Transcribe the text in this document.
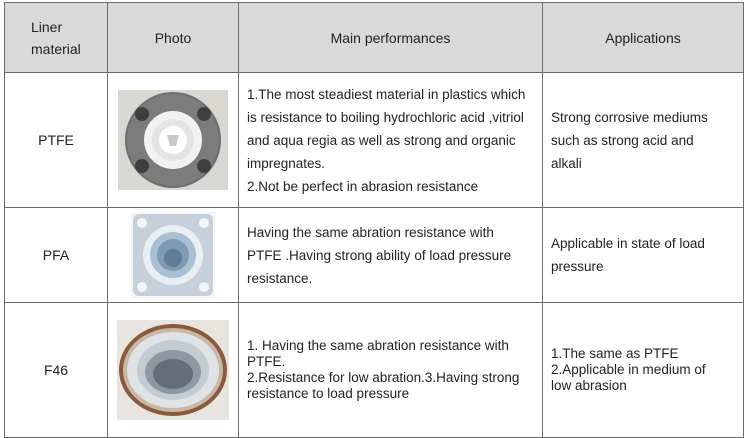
Liner
material	Photo	Main performances	Applications
PTFE		1.The most steadiest material in plastics which
is resistance to boiling hydrochloric acid ,vitriol
and aqua regia as well as strong and organic
impregnates.
2.Not be perfect in abrasion resistance	Strong corrosive mediums
such as strong acid and
alkali

PFA		Having the same abration resistance with
PTFE .Having strong ability of load pressure
resistance.	Applicable in state of load
pressure

F46		1. Having the same abration resistance with
PTFE.
2.Resistance for low abration.3.Having strong
resistance to load pressure	1.The same as PTFE
2.Applicable in medium of
low abrasion
